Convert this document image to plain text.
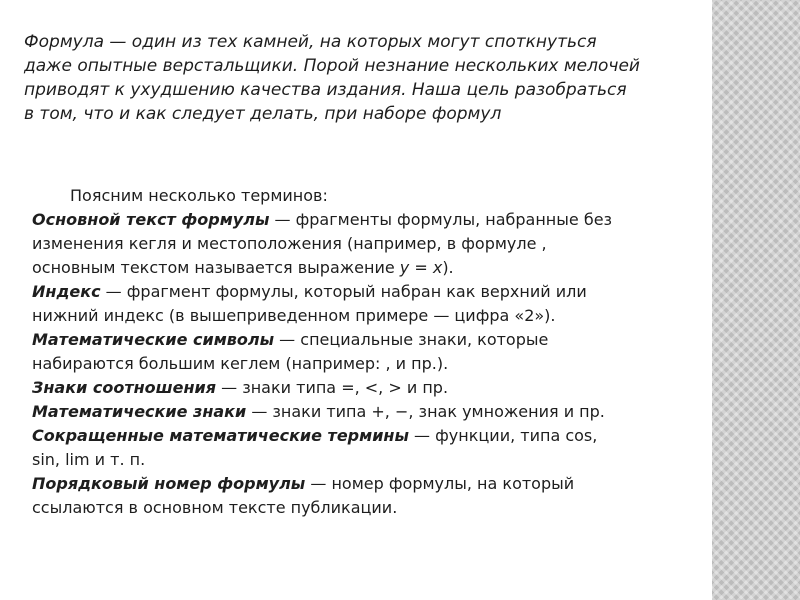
Формула — один из тех камней, на которых могут споткнуться
даже опытные верстальщики. Порой незнание нескольких мелочей
приводят к ухудшению качества издания. Наша цель разобраться
в том, что и как следует делать, при наборе формул
Поясним несколько терминов:
Основной текст формулы — фрагменты формулы, набранные без
изменения кегля и местоположения (например, в формуле ,
основным текстом называется выражение y = x).
Индекс — фрагмент формулы, который набран как верхний или
нижний индекс (в вышеприведенном примере — цифра «2»).
Математические символы — специальные знаки, которые
набираются большим кеглем (например: , и пр.).
Знаки соотношения — знаки типа =, <, > и пр.
Математические знаки — знаки типа +, −, знак умножения и пр.
Сокращенные математические термины — функции, типа cos,
sin, lim и т. п.
Порядковый номер формулы — номер формулы, на который
ссылаются в основном тексте публикации.
